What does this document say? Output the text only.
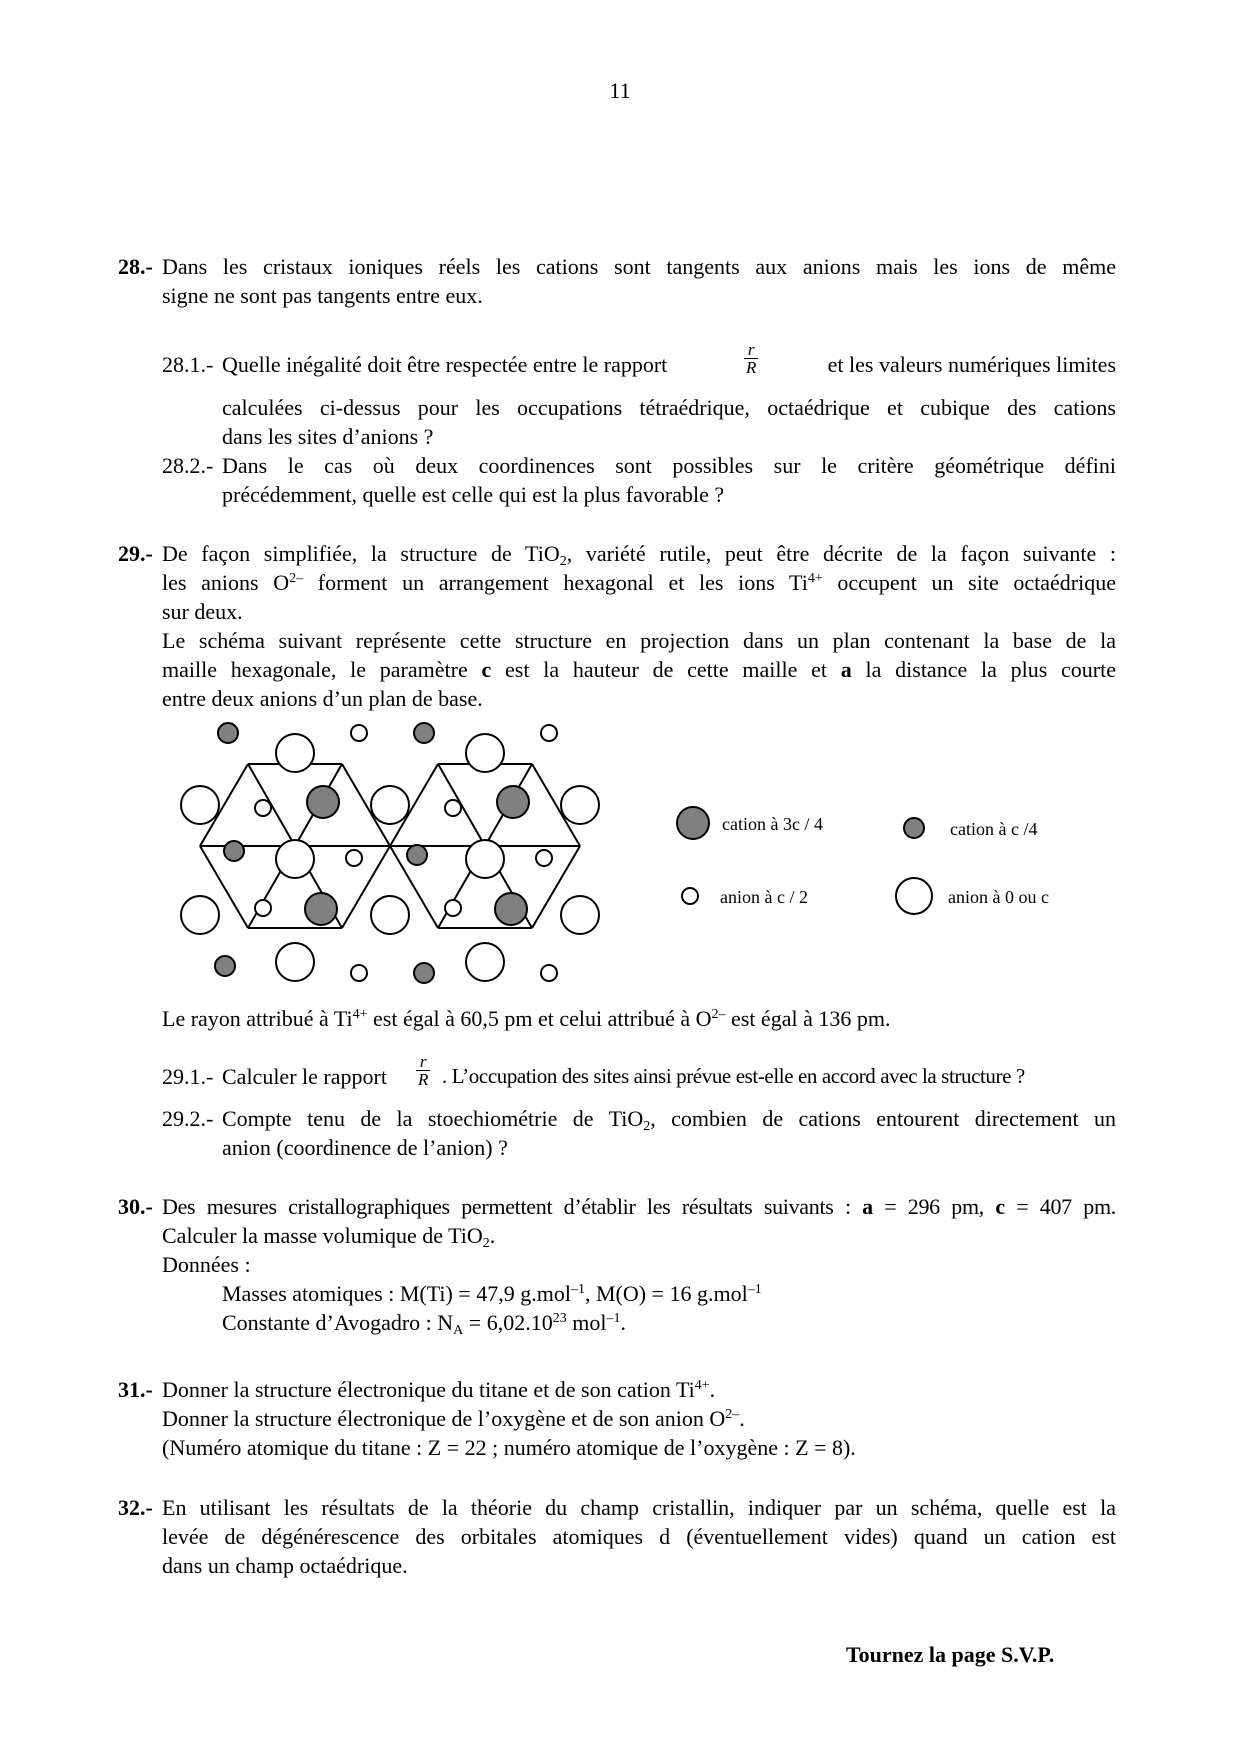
11
28.- Dans les cristaux ioniques réels les cations sont tangents aux anions mais les ions de même
signe ne sont pas tangents entre eux.
28.1.- Quelle inégalité doit être respectée entre le rapport	$\frac{r}{R}$	et les valeurs numériques limites
calculées ci-dessus pour les occupations tétraédrique, octaédrique et cubique des cations
dans les sites d’anions ?
28.2.- Dans le cas où deux coordinences sont possibles sur le critère géométrique défini
précédemment, quelle est celle qui est la plus favorable ?
29.- De façon simplifiée, la structure de TiO$_2$, variété rutile, peut être décrite de la façon suivante :
les anions $O^{2-}$ forment un arrangement hexagonal et les ions $Ti^{4+}$ occupent un site octaédrique
sur deux.
Le schéma suivant représente cette structure en projection dans un plan contenant la base de la
maille hexagonale, le paramètre c est la hauteur de cette maille et a la distance la plus courte
entre deux anions d’un plan de base.
cation à 3c / 4	cation à c /4
anion à c / 2	anion à 0 ou c
Le rayon attribué à $Ti^{4+}$ est égal à 60,5 pm et celui attribué à $O^{2-}$ est égal à 136 pm.
29.1.- Calculer le rapport $\frac{r}{R}$ . L’occupation des sites ainsi prévue est-elle en accord avec la structure ?
29.2.- Compte tenu de la stoechiométrie de TiO$_2$, combien de cations entourent directement un
anion (coordinence de l’anion) ?
30.- Des mesures cristallographiques permettent d’établir les résultats suivants : a = 296 pm, c = 407 pm.
Calculer la masse volumique de TiO$_2$.
Données :
Masses atomiques : M(Ti) = 47,9 g.mol$^{-1}$, M(O) = 16 g.mol$^{-1}$
Constante d’Avogadro : $N_A = 6,02.10^{23}$ mol$^{-1}$.
31.- Donner la structure électronique du titane et de son cation $Ti^{4+}$.
Donner la structure électronique de l’oxygène et de son anion $O^{2-}$.
(Numéro atomique du titane : Z = 22 ; numéro atomique de l’oxygène : Z = 8).
32.- En utilisant les résultats de la théorie du champ cristallin, indiquer par un schéma, quelle est la
levée de dégénérescence des orbitales atomiques d (éventuellement vides) quand un cation est
dans un champ octaédrique.
Tournez la page S.V.P.
